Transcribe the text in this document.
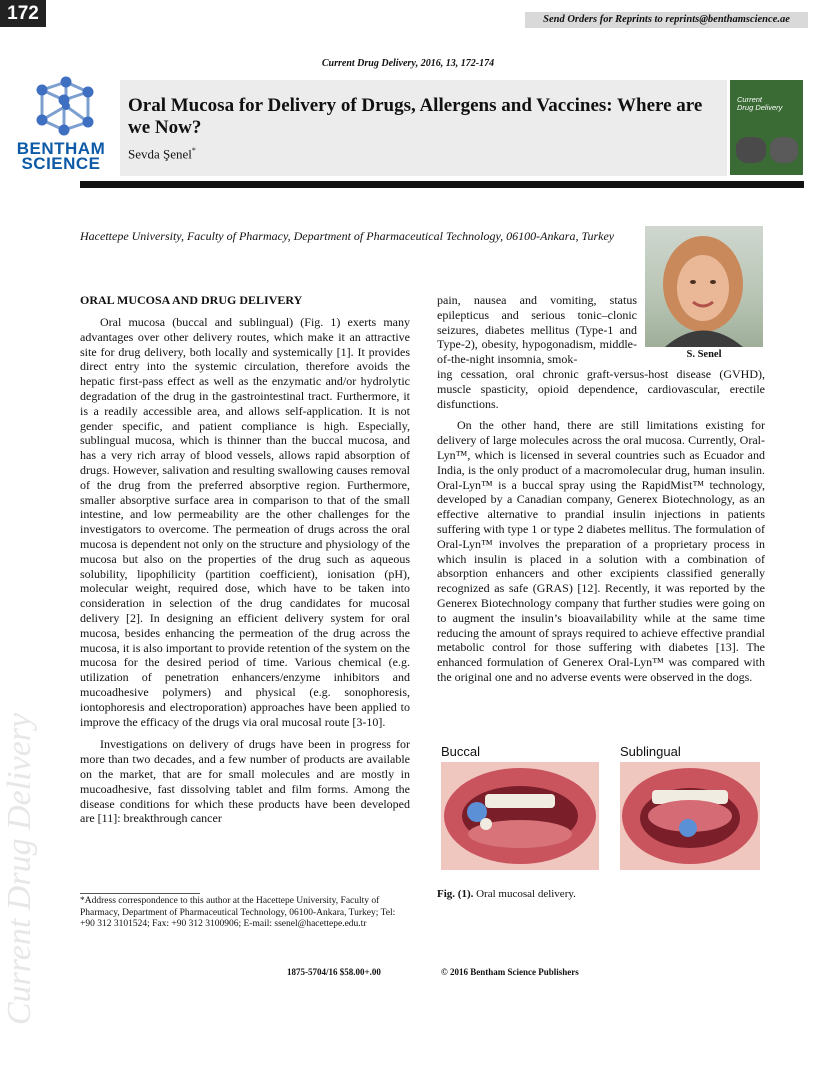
172	Send Orders for Reprints to reprints@benthamscience.ae
Current Drug Delivery, 2016, 13, 172-174
BENTHAM
SCIENCE
Oral Mucosa for Delivery of Drugs, Allergens and Vaccines: Where are we Now?
Sevda Şenel*
Current
Drug Delivery
Hacettepe University, Faculty of Pharmacy, Department of Pharmaceutical Technology, 06100-Ankara, Turkey
S. Senel
ORAL MUCOSA AND DRUG DELIVERY

Oral mucosa (buccal and sublingual) (Fig. 1) exerts many advantages over other delivery routes, which make it an attractive site for drug delivery, both locally and systemically [1]. It provides direct entry into the systemic circulation, therefore avoids the hepatic first-pass effect as well as the enzymatic and/or hydrolytic degradation of the drug in the gastrointestinal tract. Furthermore, it is a readily accessible area, and allows self-application. It is not gender specific, and patient compliance is high. Especially, sublingual mucosa, which is thinner than the buccal mucosa, and has a very rich array of blood vessels, allows rapid absorption of drugs. However, salivation and resulting swallowing causes removal of the drug from the preferred absorptive region. Furthermore, smaller absorptive surface area in comparison to that of the small intestine, and low permeability are the other challenges for the investigators to overcome. The permeation of drugs across the oral mucosa is dependent not only on the structure and physiology of the mucosa but also on the properties of the drug such as aqueous solubility, lipophilicity (partition coefficient), ionisation (pH), molecular weight, required dose, which have to be taken into consideration in selection of the drug candidates for mucosal delivery [2]. In designing an efficient delivery system for oral mucosa, besides enhancing the permeation of the drug across the mucosa, it is also important to provide retention of the system on the mucosa for the desired period of time. Various chemical (e.g. utilization of penetration enhancers/enzyme inhibitors and mucoadhesive polymers) and physical (e.g. sonophoresis, iontophoresis and electroporation) approaches have been applied to improve the efficacy of the drugs via oral mucosal route [3-10].

Investigations on delivery of drugs have been in progress for more than two decades, and a few number of products are available on the market, that are for small molecules and are mostly in mucoadhesive, fast dissolving tablet and film forms. Among the disease conditions for which these products have been developed are [11]: breakthrough cancer

pain, nausea and vomiting, status epilepticus and serious tonic–clonic seizures, diabetes mellitus (Type-1 and Type-2), obesity, hypogonadism, middle-of-the-night insomnia, smok-

ing cessation, oral chronic graft-versus-host disease (GVHD), muscle spasticity, opioid dependence, cardiovascular, erectile disfunctions.

On the other hand, there are still limitations existing for delivery of large molecules across the oral mucosa. Currently, Oral-Lyn™, which is licensed in several countries such as Ecuador and India, is the only product of a macromolecular drug, human insulin. Oral-Lyn™ is a buccal spray using the RapidMist™ technology, developed by a Canadian company, Generex Biotechnology, as an effective alternative to prandial insulin injections in patients suffering with type 1 or type 2 diabetes mellitus. The formulation of Oral-Lyn™ involves the preparation of a proprietary process in which insulin is placed in a solution with a combination of absorption enhancers and other excipients classified generally recognized as safe (GRAS) [12]. Recently, it was reported by the Generex Biotechnology company that further studies were going on to augment the insulin’s bioavailability while at the same time reducing the amount of sprays required to achieve effective prandial metabolic control for those suffering with diabetes [13]. The enhanced formulation of Generex Oral-Lyn™ was compared with the original one and no adverse events were observed in the dogs.

Buccal	Sublingual
Fig. (1). Oral mucosal delivery.
*Address correspondence to this author at the Hacettepe University, Faculty of Pharmacy, Department of Pharmaceutical Technology, 06100-Ankara, Turkey; Tel: +90 312 3101524; Fax: +90 312 3100906; E-mail: ssenel@hacettepe.edu.tr
1875-5704/16 $58.00+.00	© 2016 Bentham Science Publishers
Current Drug Delivery
